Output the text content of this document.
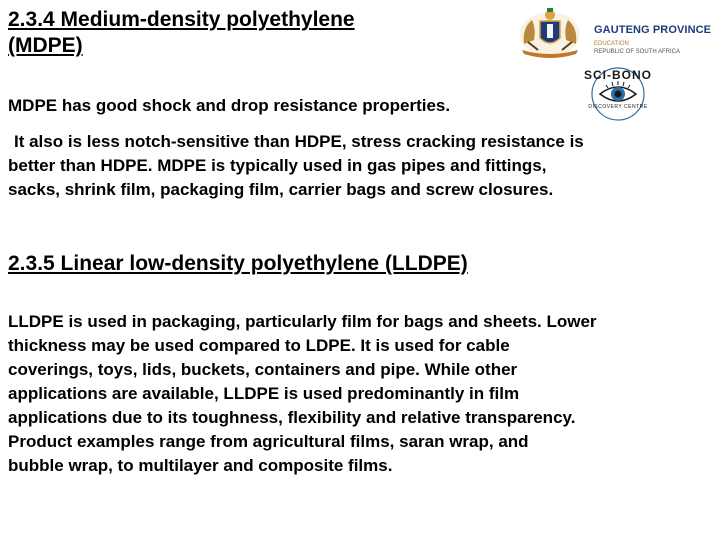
2.3.4 Medium-density polyethylene
(MDPE)
GAUTENG PROVINCE
EDUCATION
REPUBLIC OF SOUTH AFRICA
SCI-BONO
DISCOVERY CENTRE
MDPE has good shock and drop resistance properties.
It also is less notch-sensitive than HDPE, stress cracking resistance is
better than HDPE. MDPE is typically used in gas pipes and fittings,
sacks, shrink film, packaging film, carrier bags and screw closures.
2.3.5 Linear low-density polyethylene (LLDPE)
LLDPE is used in packaging, particularly film for bags and sheets. Lower
thickness may be used compared to LDPE. It is used for cable
coverings, toys, lids, buckets, containers and pipe. While other
applications are available, LLDPE is used predominantly in film
applications due to its toughness, flexibility and relative transparency.
Product examples range from agricultural films, saran wrap, and
bubble wrap, to multilayer and composite films.
